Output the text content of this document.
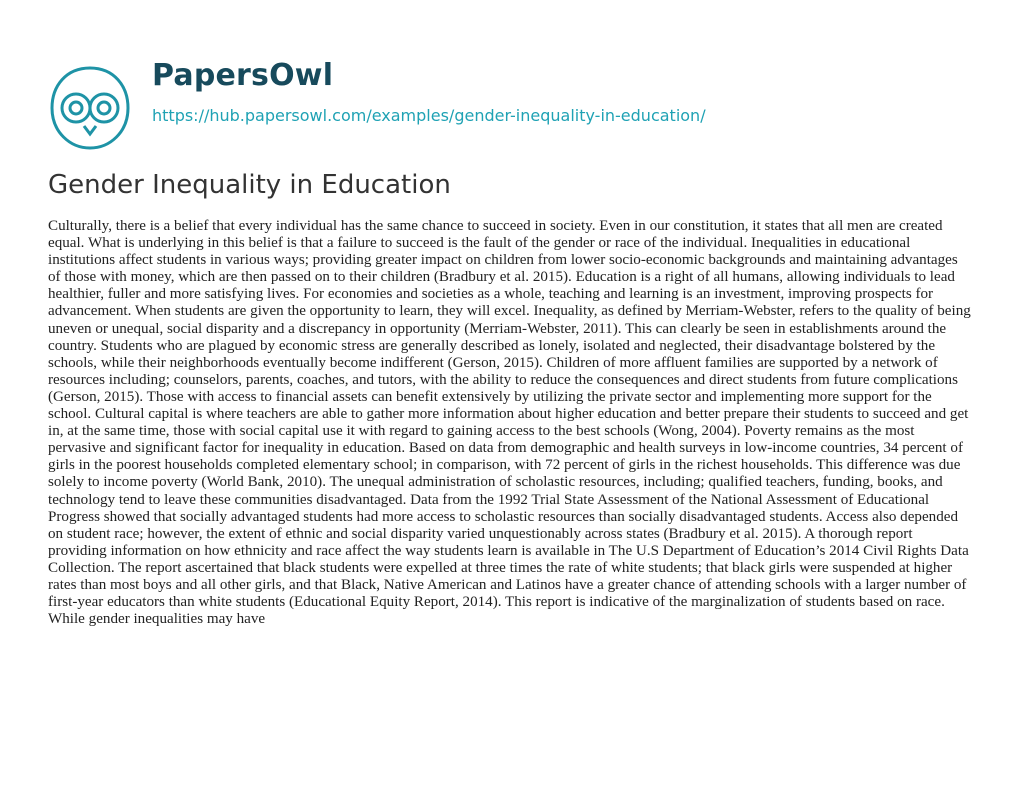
PapersOwl
https://hub.papersowl.com/examples/gender-inequality-in-education/
Gender Inequality in Education

Culturally, there is a belief that every individual has the same chance to succeed in society. Even in our constitution, it states that all men are created equal. What is underlying in this belief is that a failure to succeed is the fault of the gender or race of the individual. Inequalities in educational institutions affect students in various ways; providing greater impact on children from lower socio-economic backgrounds and maintaining advantages of those with money, which are then passed on to their children (Bradbury et al. 2015). Education is a right of all humans, allowing individuals to lead healthier, fuller and more satisfying lives. For economies and societies as a whole, teaching and learning is an investment, improving prospects for advancement. When students are given the opportunity to learn, they will excel. Inequality, as defined by Merriam-Webster, refers to the quality of being uneven or unequal, social disparity and a discrepancy in opportunity (Merriam-Webster, 2011). This can clearly be seen in establishments around the country. Students who are plagued by economic stress are generally described as lonely, isolated and neglected, their disadvantage bolstered by the schools, while their neighborhoods eventually become indifferent (Gerson, 2015). Children of more affluent families are supported by a network of resources including; counselors, parents, coaches, and tutors, with the ability to reduce the consequences and direct students from future complications (Gerson, 2015). Those with access to financial assets can benefit extensively by utilizing the private sector and implementing more support for the school. Cultural capital is where teachers are able to gather more information about higher education and better prepare their students to succeed and get in, at the same time, those with social capital use it with regard to gaining access to the best schools (Wong, 2004). Poverty remains as the most pervasive and significant factor for inequality in education. Based on data from demographic and health surveys in low-income countries, 34 percent of girls in the poorest households completed elementary school; in comparison, with 72 percent of girls in the richest households. This difference was due solely to income poverty (World Bank, 2010). The unequal administration of scholastic resources, including; qualified teachers, funding, books, and technology tend to leave these communities disadvantaged. Data from the 1992 Trial State Assessment of the National Assessment of Educational Progress showed that socially advantaged students had more access to scholastic resources than socially disadvantaged students. Access also depended on student race; however, the extent of ethnic and social disparity varied unquestionably across states (Bradbury et al. 2015). A thorough report providing information on how ethnicity and race affect the way students learn is available in The U.S Department of Education’s 2014 Civil Rights Data Collection. The report ascertained that black students were expelled at three times the rate of white students; that black girls were suspended at higher rates than most boys and all other girls, and that Black, Native American and Latinos have a greater chance of attending schools with a larger number of first-year educators than white students (Educational Equity Report, 2014). This report is indicative of the marginalization of students based on race. While gender inequalities may have
